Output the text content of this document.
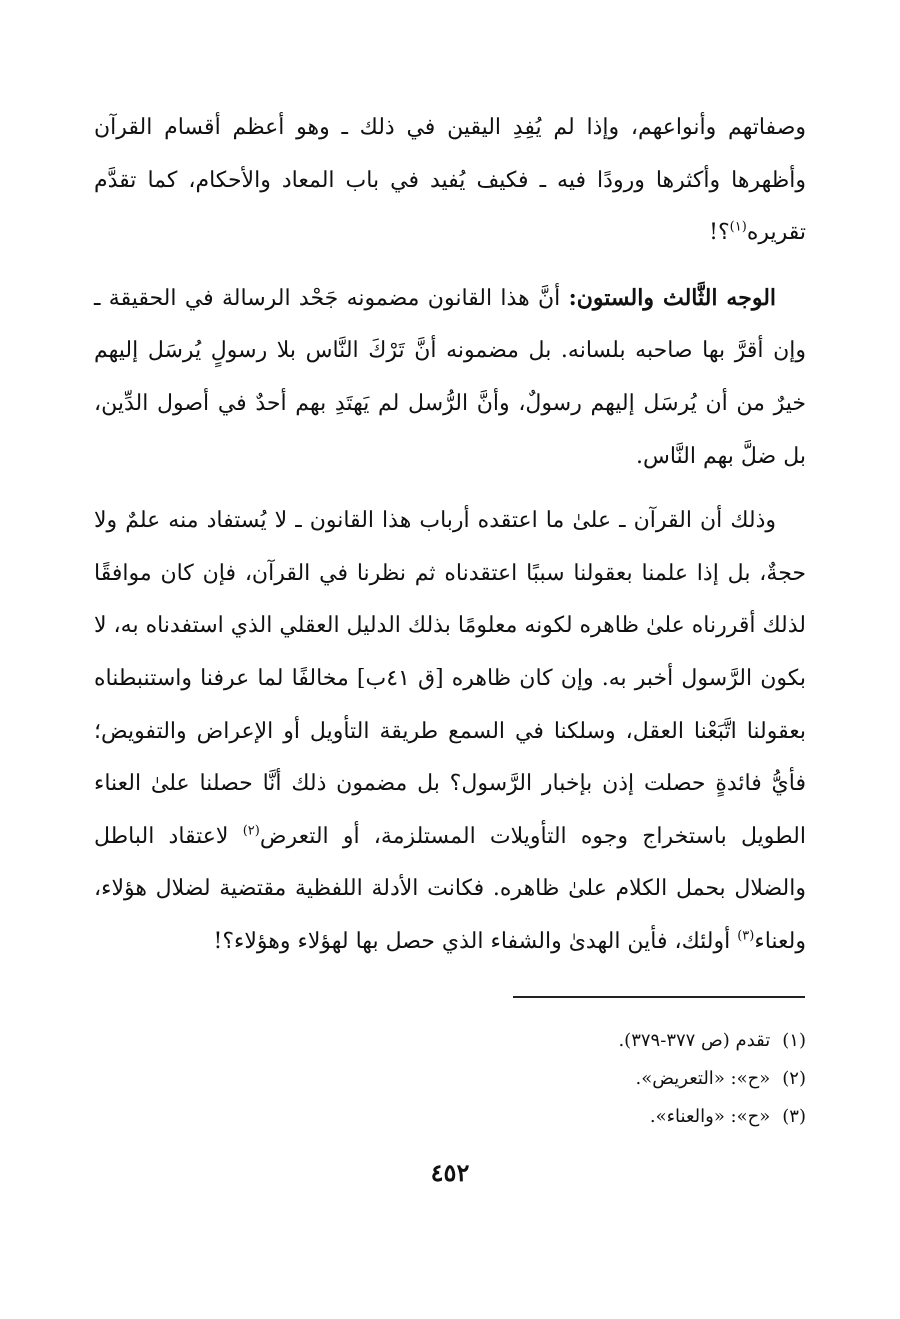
وصفاتهم وأنواعهم، وإذا لم يُفِدِ اليقين في ذلك ـ وهو أعظم أقسام القرآن وأظهرها وأكثرها ورودًا فيه ـ فكيف يُفيد في باب المعاد والأحكام، كما تقدَّم تقريره$^{(١)}$؟!

الوجه الثَّالث والستون: أنَّ هذا القانون مضمونه جَحْد الرسالة في الحقيقة ـ وإن أقرَّ بها صاحبه بلسانه. بل مضمونه أنَّ تَرْكَ النَّاس بلا رسولٍ يُرسَل إليهم خيرٌ من أن يُرسَل إليهم رسولٌ، وأنَّ الرُّسل لم يَهتَدِ بهم أحدٌ في أصول الدِّين، بل ضلَّ بهم النَّاس.

وذلك أن القرآن ـ علىٰ ما اعتقده أرباب هذا القانون ـ لا يُستفاد منه علمٌ ولا حجةٌ، بل إذا علمنا بعقولنا سببًا اعتقدناه ثم نظرنا في القرآن، فإن كان موافقًا لذلك أقررناه علىٰ ظاهره لكونه معلومًا بذلك الدليل العقلي الذي استفدناه به، لا بكون الرَّسول أخبر به. وإن كان ظاهره [ق ٤١ب] مخالفًا لما عرفنا واستنبطناه بعقولنا اتَّبَعْنا العقل، وسلكنا في السمع طريقة التأويل أو الإعراض والتفويض؛ فأيُّ فائدةٍ حصلت إذن بإخبار الرَّسول؟ بل مضمون ذلك أنَّا حصلنا علىٰ العناء الطويل باستخراج وجوه التأويلات المستلزمة، أو التعرض$^{(٢)}$ لاعتقاد الباطل والضلال بحمل الكلام علىٰ ظاهره. فكانت الأدلة اللفظية مقتضية لضلال هؤلاء، ولعناء$^{(٣)}$ أولئك، فأين الهدىٰ والشفاء الذي حصل بها لهؤلاء وهؤلاء؟!

(١)تقدم (ص ٣٧٧-٣٧٩).
(٢)«ح»: «التعريض».
(٣)«ح»: «والعناء».
٤٥٢
